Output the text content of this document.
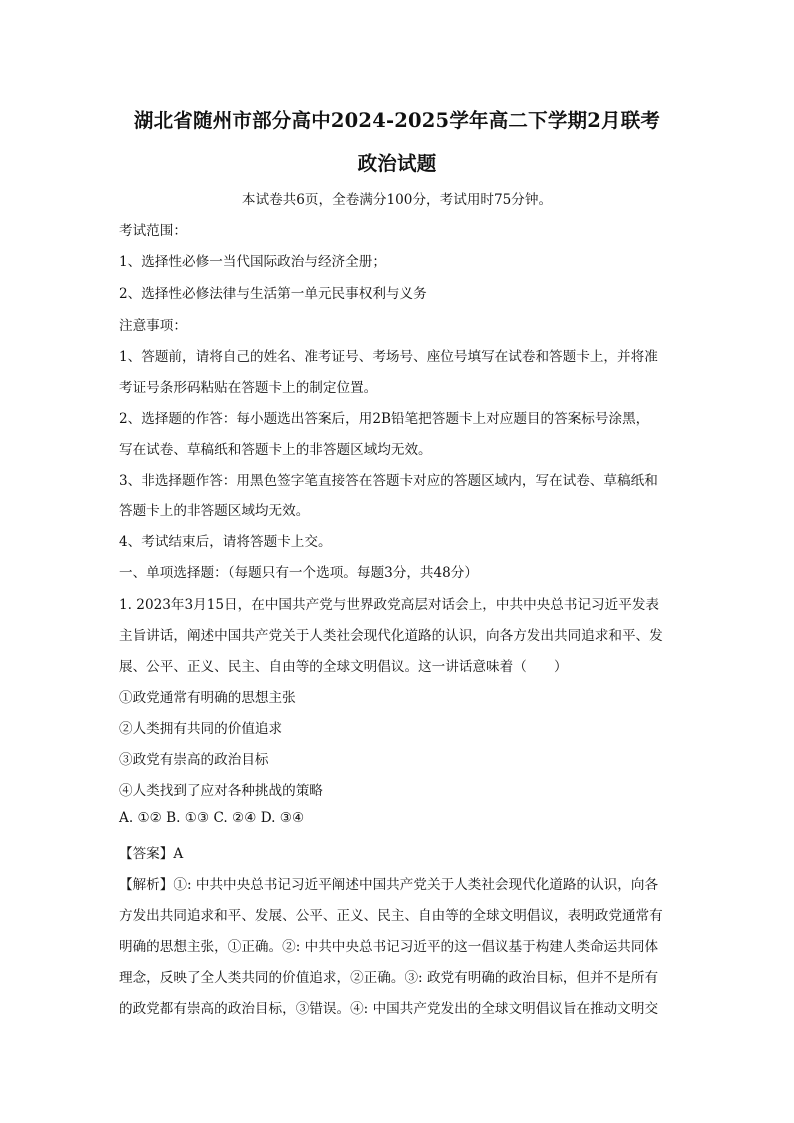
湖北省随州市部分高中2024-2025学年高二下学期2月联考
政治试题
本试卷共6页，全卷满分100分，考试用时75分钟。
考试范围：
1、选择性必修一当代国际政治与经济全册；
2、选择性必修法律与生活第一单元民事权利与义务
注意事项：
1、答题前，请将自己的姓名、准考证号、考场号、座位号填写在试卷和答题卡上，并将准
考证号条形码粘贴在答题卡上的制定位置。
2、选择题的作答：每小题选出答案后，用2B铅笔把答题卡上对应题目的答案标号涂黑，
写在试卷、草稿纸和答题卡上的非答题区域均无效。
3、非选择题作答：用黑色签字笔直接答在答题卡对应的答题区域内，写在试卷、草稿纸和
答题卡上的非答题区域均无效。
4、考试结束后，请将答题卡上交。
一、单项选择题：（每题只有一个选项。每题3分，共48分）
1. 2023年3月15日，在中国共产党与世界政党高层对话会上，中共中央总书记习近平发表
主旨讲话，阐述中国共产党关于人类社会现代化道路的认识，向各方发出共同追求和平、发
展、公平、正义、民主、自由等的全球文明倡议。这一讲话意味着（　　）
①政党通常有明确的思想主张
②人类拥有共同的价值追求
③政党有崇高的政治目标
④人类找到了应对各种挑战的策略
A. ①② B. ①③ C. ②④ D. ③④
【答案】A
【解析】①: 中共中央总书记习近平阐述中国共产党关于人类社会现代化道路的认识，向各
方发出共同追求和平、发展、公平、正义、民主、自由等的全球文明倡议，表明政党通常有
明确的思想主张，①正确。②: 中共中央总书记习近平的这一倡议基于构建人类命运共同体
理念，反映了全人类共同的价值追求，②正确。③: 政党有明确的政治目标，但并不是所有
的政党都有崇高的政治目标，③错误。④: 中国共产党发出的全球文明倡议旨在推动文明交
